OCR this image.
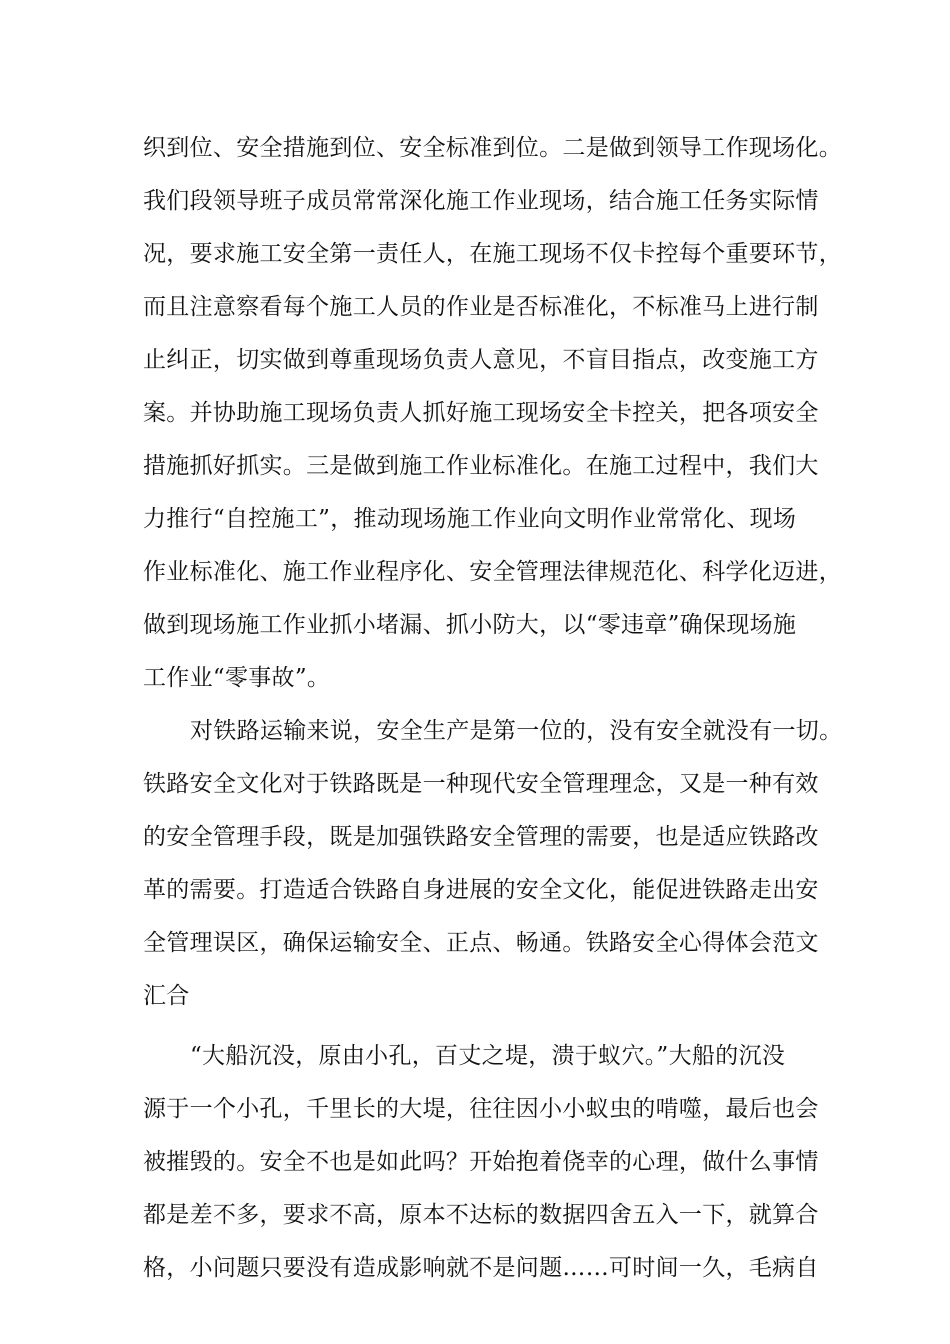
织到位、安全措施到位、安全标准到位。二是做到领导工作现场化。
我们段领导班子成员常常深化施工作业现场，结合施工任务实际情
况，要求施工安全第一责任人，在施工现场不仅卡控每个重要环节，
而且注意察看每个施工人员的作业是否标准化，不标准马上进行制
止纠正，切实做到尊重现场负责人意见，不盲目指点，改变施工方
案。并协助施工现场负责人抓好施工现场安全卡控关，把各项安全
措施抓好抓实。三是做到施工作业标准化。在施工过程中，我们大
力推行“自控施工”，推动现场施工作业向文明作业常常化、现场
作业标准化、施工作业程序化、安全管理法律规范化、科学化迈进，
做到现场施工作业抓小堵漏、抓小防大，以“零违章”确保现场施
工作业“零事故”。
对铁路运输来说，安全生产是第一位的，没有安全就没有一切。
铁路安全文化对于铁路既是一种现代安全管理理念，又是一种有效
的安全管理手段，既是加强铁路安全管理的需要，也是适应铁路改
革的需要。打造适合铁路自身进展的安全文化，能促进铁路走出安
全管理误区，确保运输安全、正点、畅通。铁路安全心得体会范文
汇合
“大船沉没，原由小孔，百丈之堤，溃于蚁穴。”大船的沉没
源于一个小孔，千里长的大堤，往往因小小蚁虫的啃噬，最后也会
被摧毁的。安全不也是如此吗？开始抱着侥幸的心理，做什么事情
都是差不多，要求不高，原本不达标的数据四舍五入一下，就算合
格，小问题只要没有造成影响就不是问题……可时间一久，毛病自
